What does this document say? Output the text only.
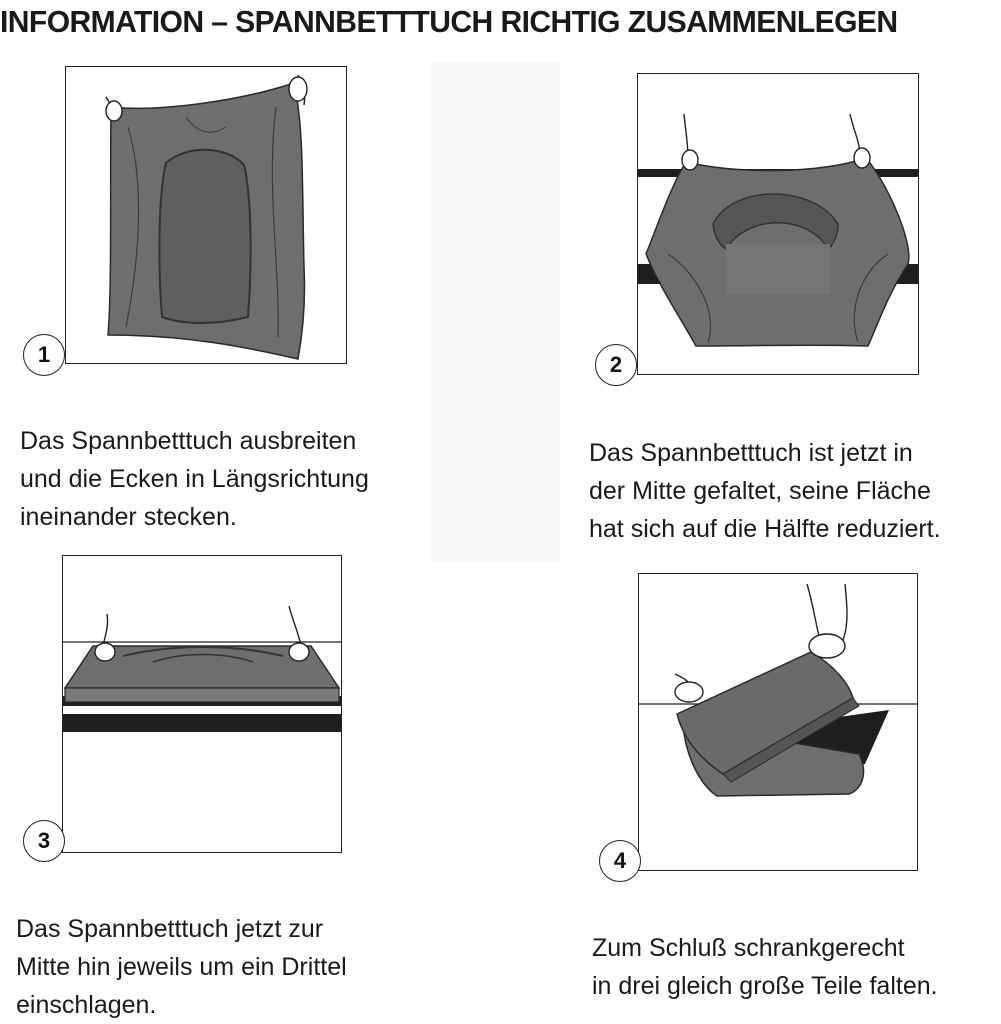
INFORMATION – SPANNBETTTUCH RICHTIG ZUSAMMENLEGEN
1
Das Spannbetttuch ausbreiten
und die Ecken in Längsrichtung
ineinander stecken.
2
Das Spannbetttuch ist jetzt in
der Mitte gefaltet, seine Fläche
hat sich auf die Hälfte reduziert.
3
Das Spannbetttuch jetzt zur
Mitte hin jeweils um ein Drittel
einschlagen.
4
Zum Schluß schrankgerecht
in drei gleich große Teile falten.
